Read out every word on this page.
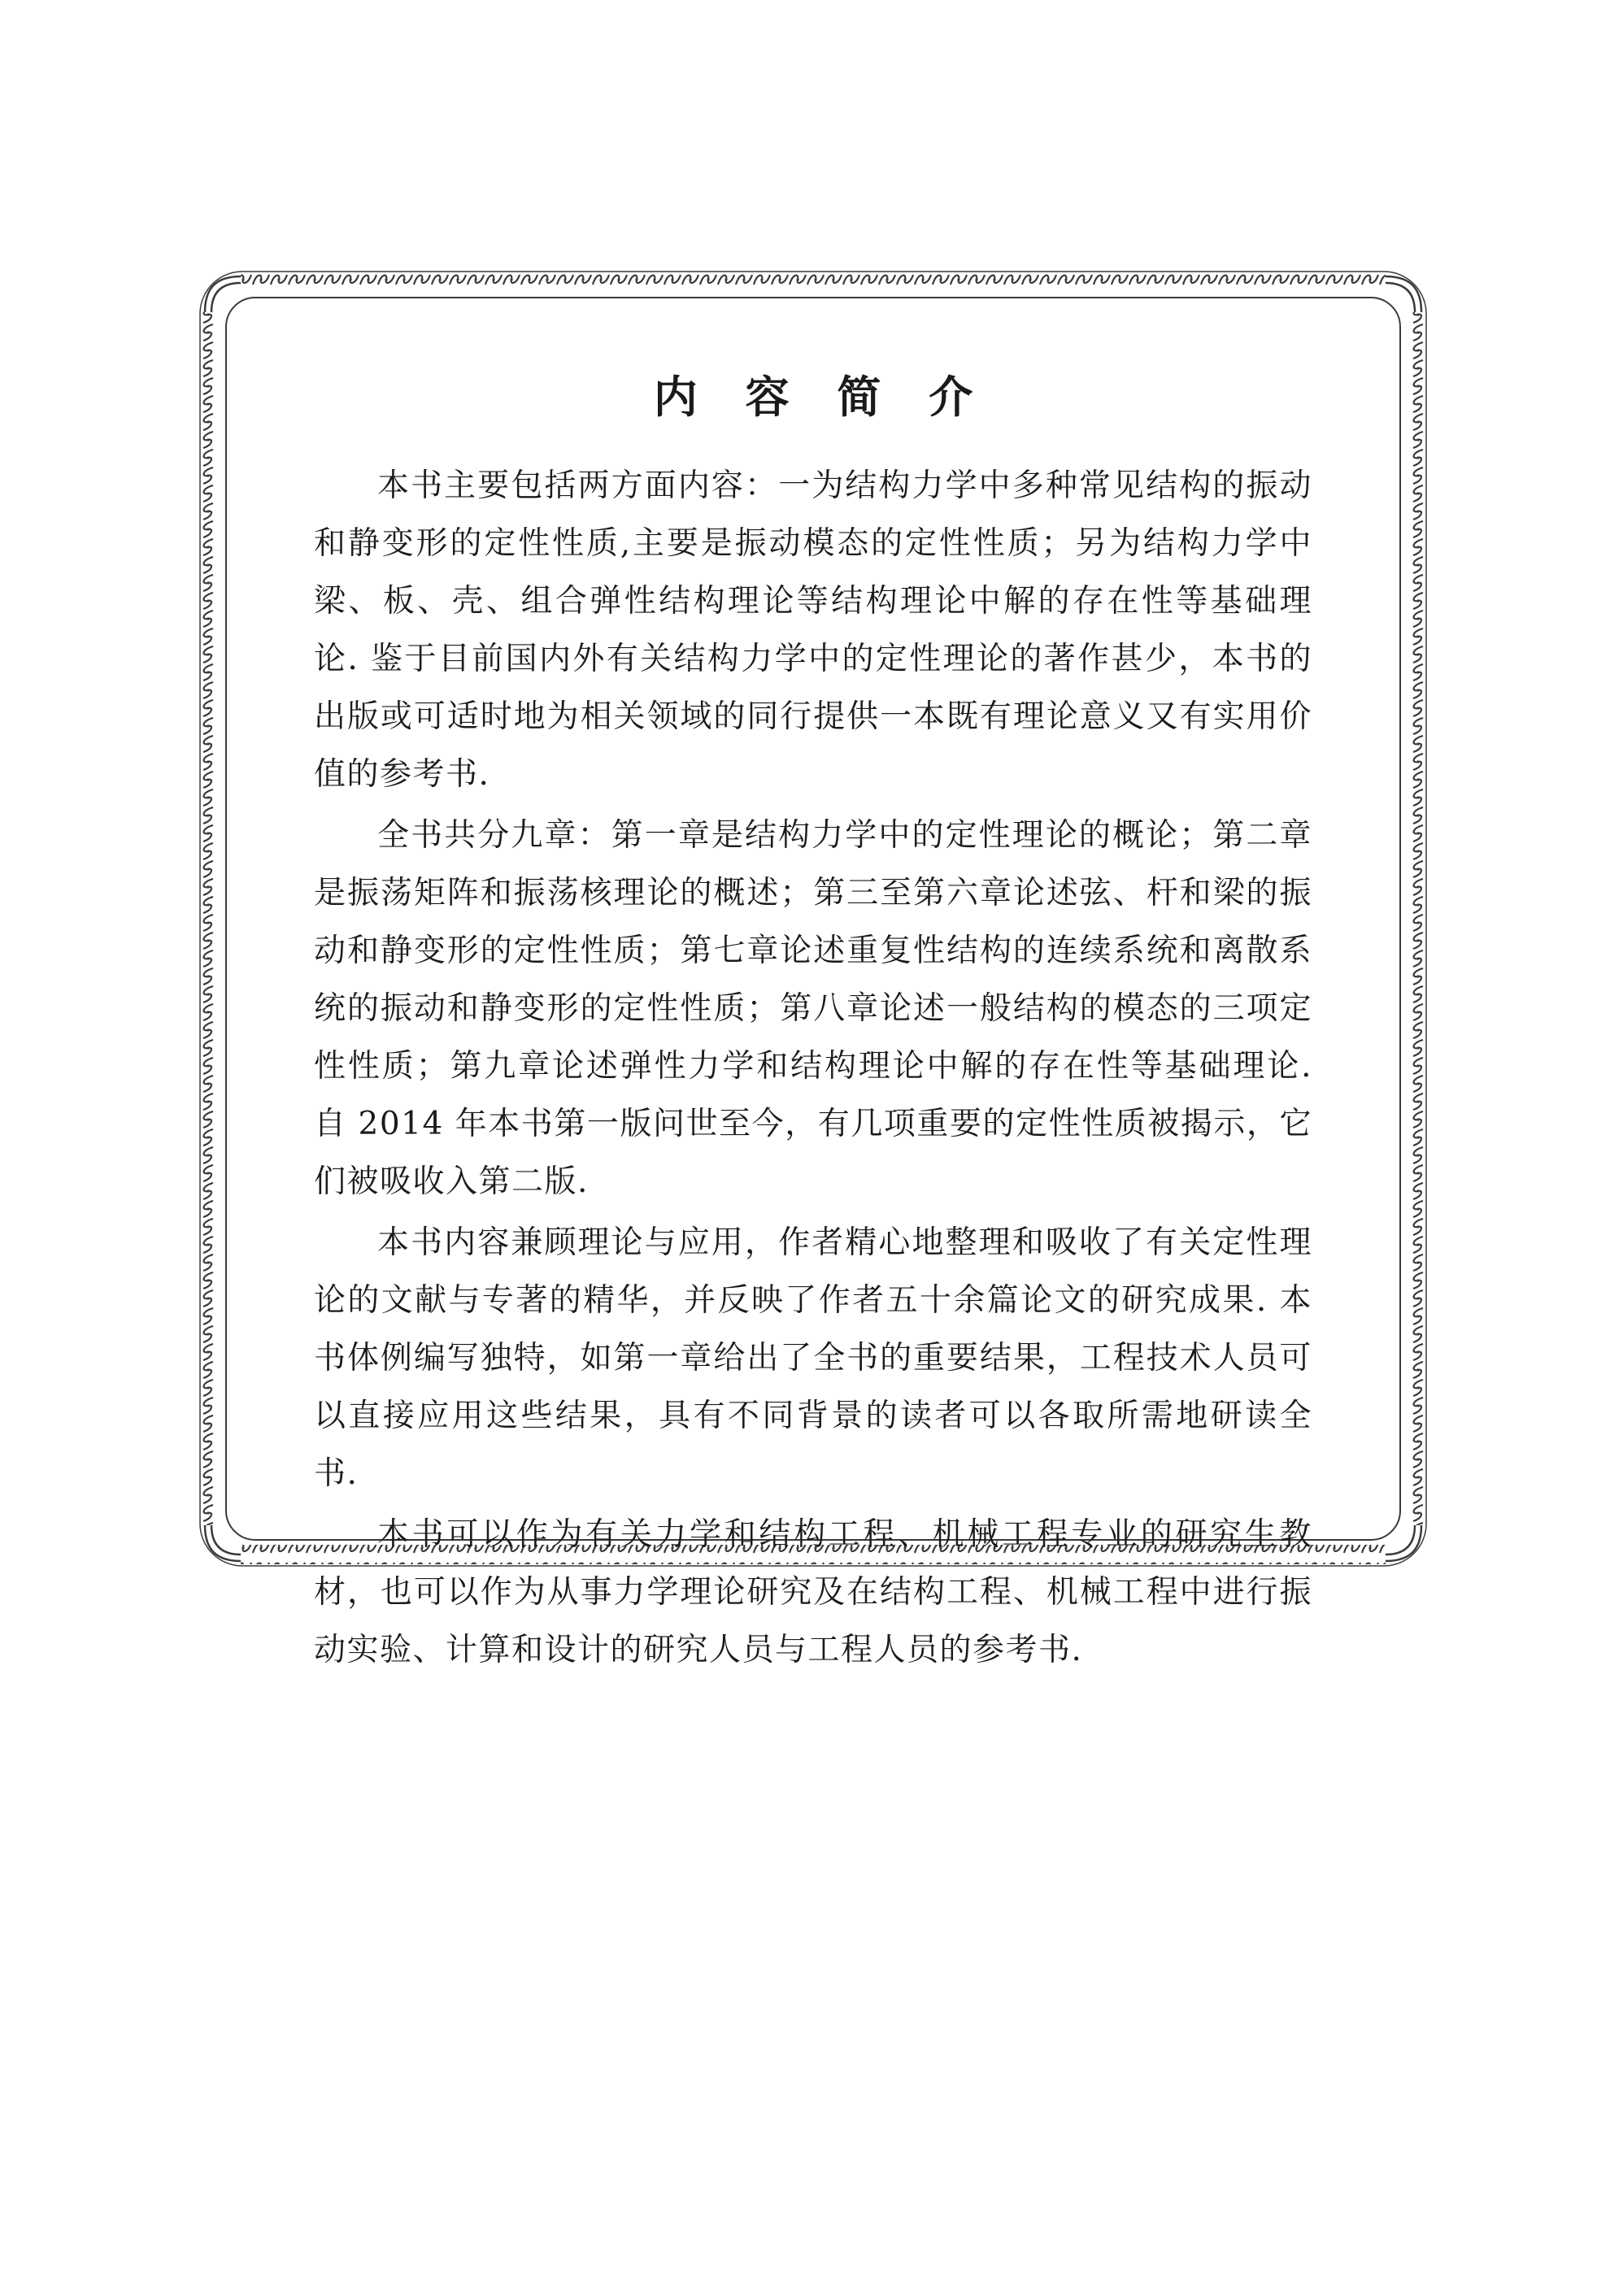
内 容 简 介

本书主要包括两方面内容：一为结构力学中多种常见结构的振动和静变形的定性性质,主要是振动模态的定性性质；另为结构力学中梁、板、壳、组合弹性结构理论等结构理论中解的存在性等基础理论. 鉴于目前国内外有关结构力学中的定性理论的著作甚少，本书的出版或可适时地为相关领域的同行提供一本既有理论意义又有实用价值的参考书.

全书共分九章：第一章是结构力学中的定性理论的概论；第二章是振荡矩阵和振荡核理论的概述；第三至第六章论述弦、杆和梁的振动和静变形的定性性质；第七章论述重复性结构的连续系统和离散系统的振动和静变形的定性性质；第八章论述一般结构的模态的三项定性性质；第九章论述弹性力学和结构理论中解的存在性等基础理论. 自 2014 年本书第一版问世至今，有几项重要的定性性质被揭示，它们被吸收入第二版.

本书内容兼顾理论与应用，作者精心地整理和吸收了有关定性理论的文献与专著的精华，并反映了作者五十余篇论文的研究成果. 本书体例编写独特，如第一章给出了全书的重要结果，工程技术人员可以直接应用这些结果，具有不同背景的读者可以各取所需地研读全书.

本书可以作为有关力学和结构工程、机械工程专业的研究生教材，也可以作为从事力学理论研究及在结构工程、机械工程中进行振动实验、计算和设计的研究人员与工程人员的参考书.
